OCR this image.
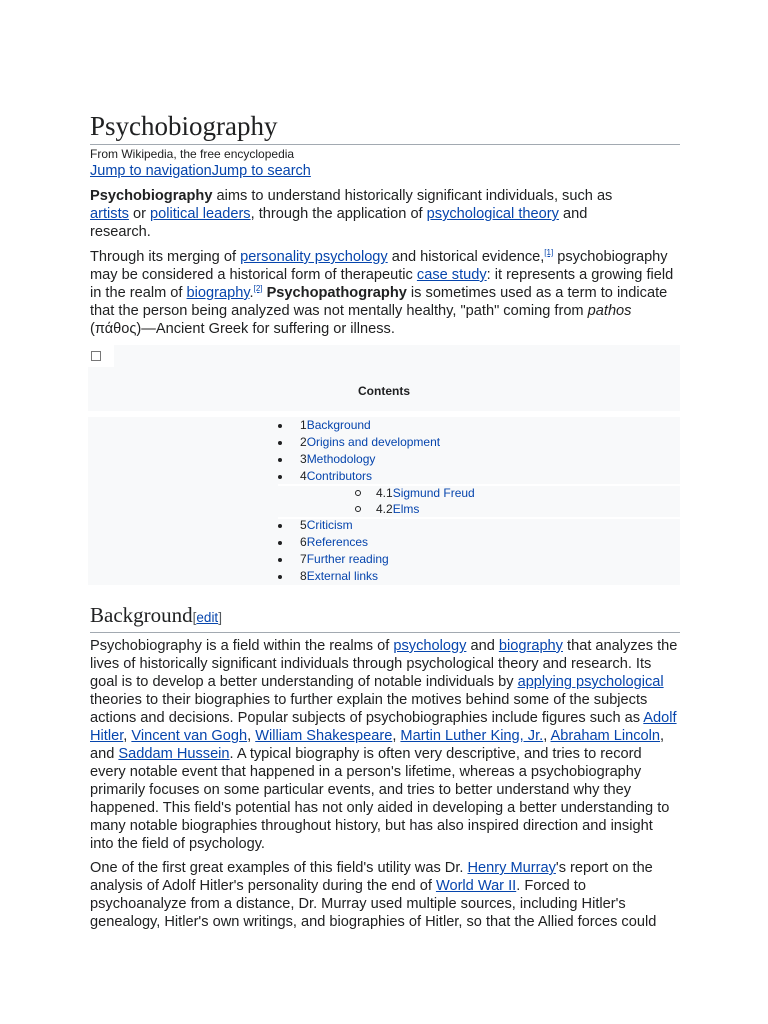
Psychobiography
From Wikipedia, the free encyclopedia
Jump to navigationJump to search

Psychobiography aims to understand historically significant individuals, such as artists or political leaders, through the application of psychological theory and research.

Through its merging of personality psychology and historical evidence,[1] psychobiography may be considered a historical form of therapeutic case study: it represents a growing field in the realm of biography.[2] Psychopathography is sometimes used as a term to indicate that the person being analyzed was not mentally healthy, "path" coming from pathos (πάθος)—Ancient Greek for suffering or illness.

Background[edit]

Psychobiography is a field within the realms of psychology and biography that analyzes the lives of historically significant individuals through psychological theory and research. Its goal is to develop a better understanding of notable individuals by applying psychological theories to their biographies to further explain the motives behind some of the subjects actions and decisions. Popular subjects of psychobiographies include figures such as Adolf Hitler, Vincent van Gogh, William Shakespeare, Martin Luther King, Jr., Abraham Lincoln, and Saddam Hussein. A typical biography is often very descriptive, and tries to record every notable event that happened in a person's lifetime, whereas a psychobiography primarily focuses on some particular events, and tries to better understand why they happened. This field's potential has not only aided in developing a better understanding to many notable biographies throughout history, but has also inspired direction and insight into the field of psychology.

One of the first great examples of this field's utility was Dr. Henry Murray's report on the analysis of Adolf Hitler's personality during the end of World War II. Forced to psychoanalyze from a distance, Dr. Murray used multiple sources, including Hitler's genealogy, Hitler's own writings, and biographies of Hitler, so that the Allied forces could

Contents
1Background
2Origins and development
3Methodology
4Contributors
4.1Sigmund Freud
4.2Elms
5Criticism
6References
7Further reading
8External links
